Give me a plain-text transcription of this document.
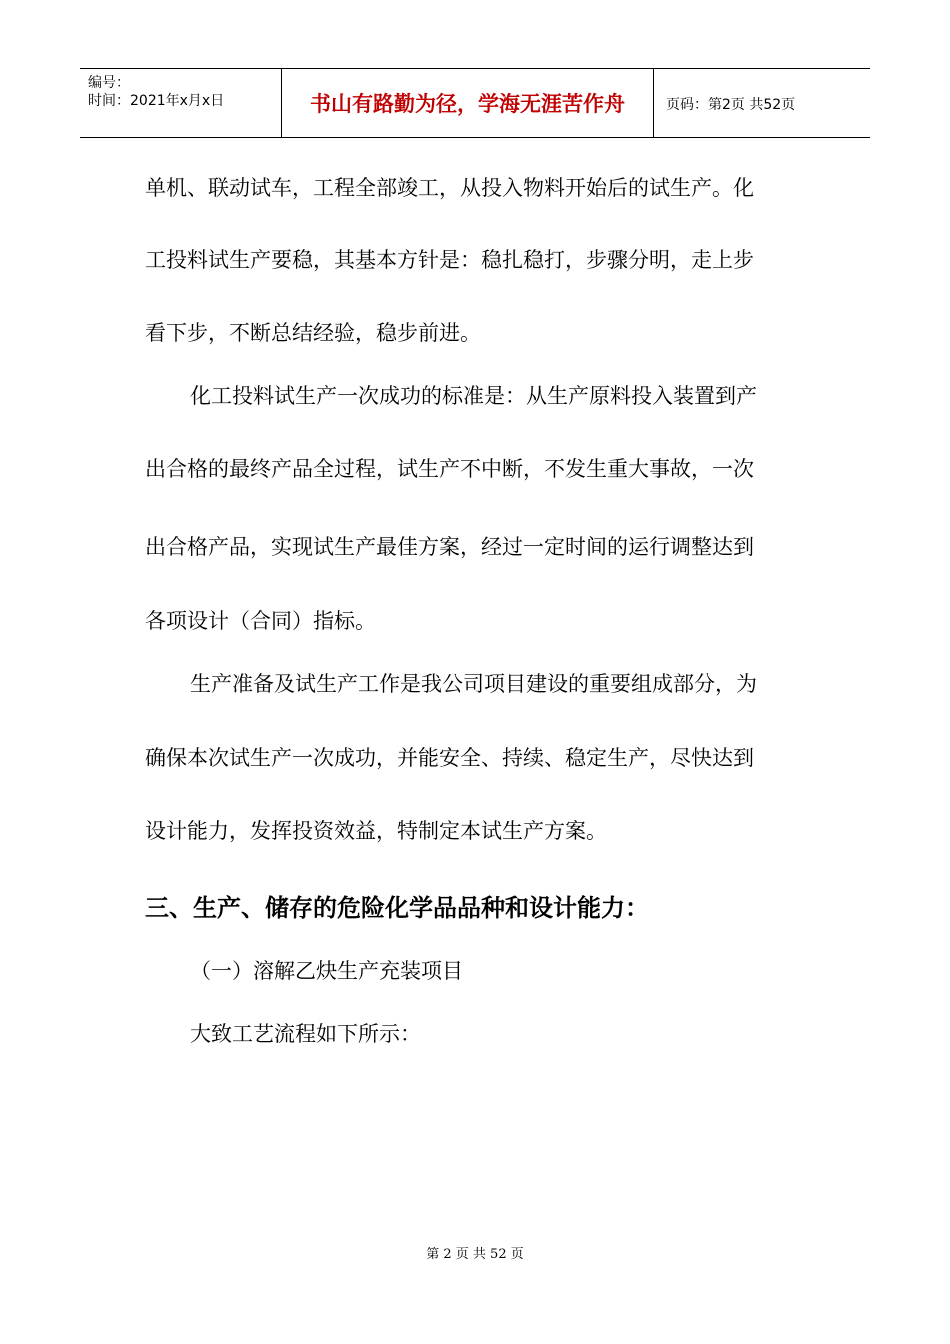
编号：
时间：2021年x月x日	书山有路勤为径，学海无涯苦作舟	页码：第2页 共52页
单机、联动试车，工程全部竣工，从投入物料开始后的试生产。化
工投料试生产要稳，其基本方针是：稳扎稳打，步骤分明，走上步
看下步，不断总结经验，稳步前进。
化工投料试生产一次成功的标准是：从生产原料投入装置到产
出合格的最终产品全过程，试生产不中断，不发生重大事故，一次
出合格产品，实现试生产最佳方案，经过一定时间的运行调整达到
各项设计（合同）指标。
生产准备及试生产工作是我公司项目建设的重要组成部分，为
确保本次试生产一次成功，并能安全、持续、稳定生产，尽快达到
设计能力，发挥投资效益，特制定本试生产方案。
三、生产、储存的危险化学品品种和设计能力：
（一）溶解乙炔生产充装项目
大致工艺流程如下所示：
第 2 页 共 52 页
